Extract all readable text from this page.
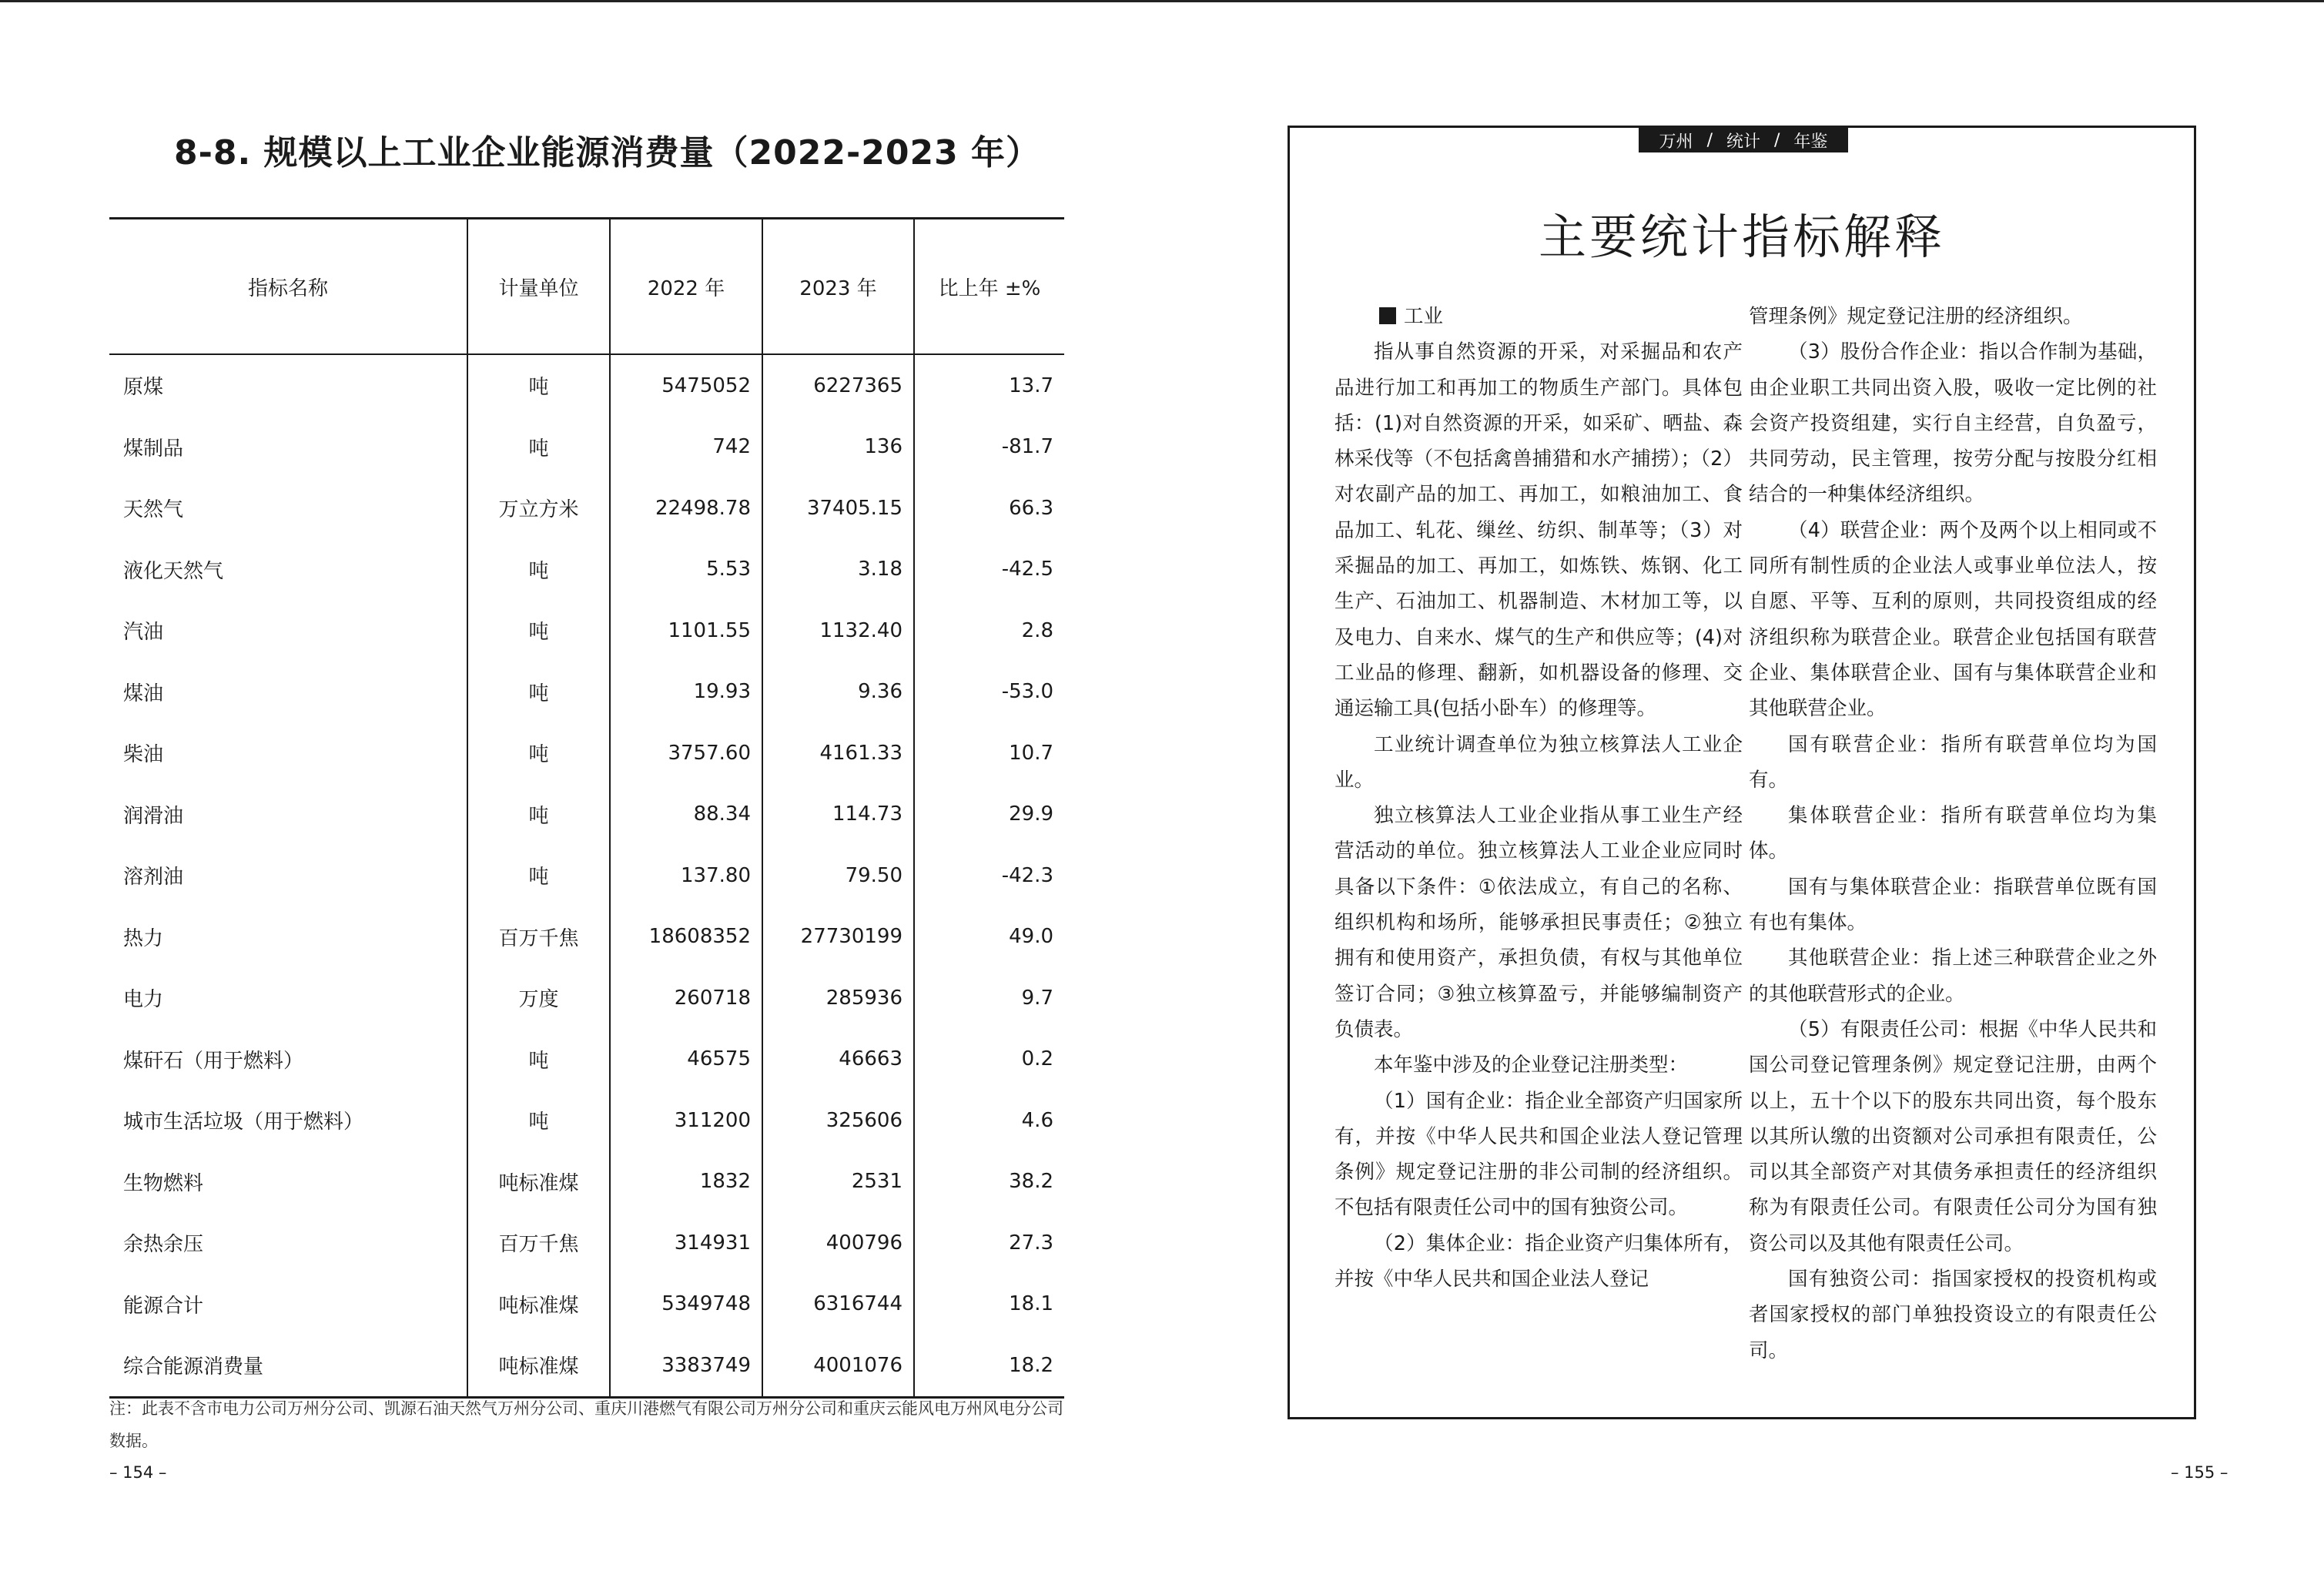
8-8. 规模以上工业企业能源消费量（2022-2023 年）
指标名称	计量单位	2022 年	2023 年	比上年 ±%
原煤	吨	5475052	6227365	13.7
煤制品	吨	742	136	-81.7
天然气	万立方米	22498.78	37405.15	66.3
液化天然气	吨	5.53	3.18	-42.5
汽油	吨	1101.55	1132.40	2.8
煤油	吨	19.93	9.36	-53.0
柴油	吨	3757.60	4161.33	10.7
润滑油	吨	88.34	114.73	29.9
溶剂油	吨	137.80	79.50	-42.3
热力	百万千焦	18608352	27730199	49.0
电力	万度	260718	285936	9.7
煤矸石（用于燃料）	吨	46575	46663	0.2
城市生活垃圾（用于燃料）	吨	311200	325606	4.6
生物燃料	吨标准煤	1832	2531	38.2
余热余压	百万千焦	314931	400796	27.3
能源合计	吨标准煤	5349748	6316744	18.1
综合能源消费量	吨标准煤	3383749	4001076	18.2
注：此表不含市电力公司万州分公司、凯源石油天然气万州分公司、重庆川港燃气有限公司万州分公司和重庆云能风电万州风电分公司数据。
– 154 –
万州 / 统计 / 年鉴
主要统计指标解释

工业

指从事自然资源的开采，对采掘品和农产品进行加工和再加工的物质生产部门。具体包括：(1)对自然资源的开采，如采矿、晒盐、森林采伐等（不包括禽兽捕猎和水产捕捞）；（2）对农副产品的加工、再加工，如粮油加工、食品加工、轧花、缫丝、纺织、制革等；（3）对采掘品的加工、再加工，如炼铁、炼钢、化工生产、石油加工、机器制造、木材加工等，以及电力、自来水、煤气的生产和供应等；(4)对工业品的修理、翻新，如机器设备的修理、交通运输工具(包括小卧车）的修理等。

工业统计调查单位为独立核算法人工业企业。

独立核算法人工业企业指从事工业生产经营活动的单位。独立核算法人工业企业应同时具备以下条件：①依法成立，有自己的名称、组织机构和场所，能够承担民事责任；②独立拥有和使用资产，承担负债，有权与其他单位签订合同；③独立核算盈亏，并能够编制资产负债表。

本年鉴中涉及的企业登记注册类型：

（1）国有企业：指企业全部资产归国家所有，并按《中华人民共和国企业法人登记管理条例》规定登记注册的非公司制的经济组织。不包括有限责任公司中的国有独资公司。

（2）集体企业：指企业资产归集体所有，并按《中华人民共和国企业法人登记

管理条例》规定登记注册的经济组织。

（3）股份合作企业：指以合作制为基础，由企业职工共同出资入股，吸收一定比例的社会资产投资组建，实行自主经营，自负盈亏，共同劳动，民主管理，按劳分配与按股分红相结合的一种集体经济组织。

（4）联营企业：两个及两个以上相同或不同所有制性质的企业法人或事业单位法人，按自愿、平等、互利的原则，共同投资组成的经济组织称为联营企业。联营企业包括国有联营企业、集体联营企业、国有与集体联营企业和其他联营企业。

国有联营企业：指所有联营单位均为国有。

集体联营企业：指所有联营单位均为集体。

国有与集体联营企业：指联营单位既有国有也有集体。

其他联营企业：指上述三种联营企业之外的其他联营形式的企业。

（5）有限责任公司：根据《中华人民共和国公司登记管理条例》规定登记注册，由两个以上，五十个以下的股东共同出资，每个股东以其所认缴的出资额对公司承担有限责任，公司以其全部资产对其债务承担责任的经济组织称为有限责任公司。有限责任公司分为国有独资公司以及其他有限责任公司。

国有独资公司：指国家授权的投资机构或者国家授权的部门单独投资设立的有限责任公司。

– 155 –
